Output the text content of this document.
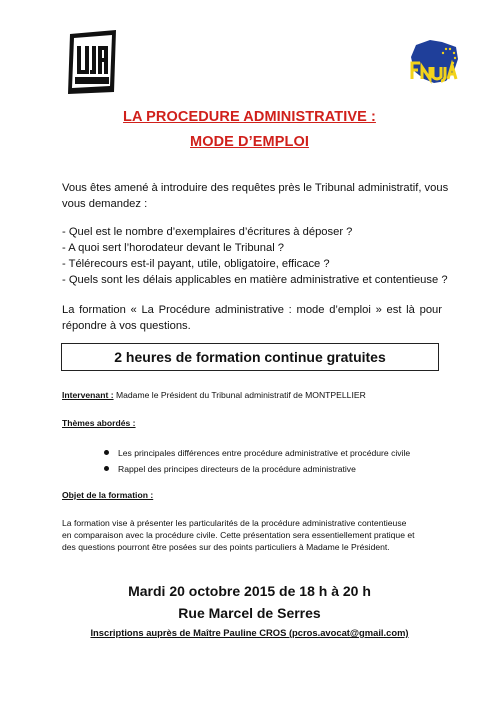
LA PROCEDURE ADMINISTRATIVE :
MODE D’EMPLOI
Vous êtes amené à introduire des requêtes près le Tribunal administratif, vous
vous demandez :
- Quel est le nombre d’exemplaires d’écritures à déposer ?
- A quoi sert l’horodateur devant le Tribunal ?
- Télérecours est-il payant, utile, obligatoire, efficace ?
- Quels sont les délais applicables en matière administrative et contentieuse ?
La formation « La Procédure administrative : mode d’emploi » est là pour
répondre à vos questions.
2 heures de formation continue gratuites
Intervenant : Madame le Président du Tribunal administratif de MONTPELLIER
Thèmes abordés :
Les principales différences entre procédure administrative et procédure civile
Rappel des principes directeurs de la procédure administrative
Objet de la formation :
La formation vise à présenter les particularités de la procédure administrative contentieuse
en comparaison avec la procédure civile. Cette présentation sera essentiellement pratique et
des questions pourront être posées sur des points particuliers à Madame le Président.
Mardi 20 octobre 2015 de 18 h à 20 h
Rue Marcel de Serres
Inscriptions auprès de Maître Pauline CROS (pcros.avocat@gmail.com)
